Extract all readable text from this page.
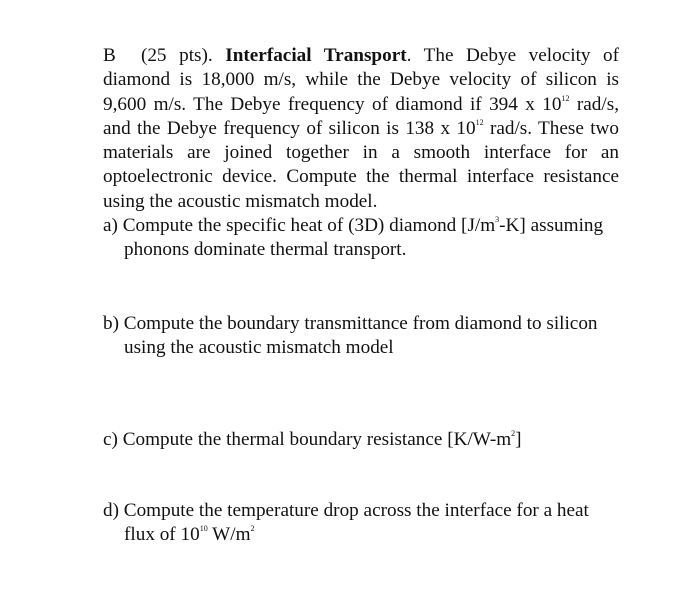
B (25 pts). Interfacial Transport. The Debye velocity of diamond is 18,000 m/s, while the Debye velocity of silicon is 9,600 m/s. The Debye frequency of diamond if 394 x $10^{12}$ rad/s, and the Debye frequency of silicon is 138 x $10^{12}$ rad/s. These two materials are joined together in a smooth interface for an optoelectronic device. Compute the thermal interface resistance using the acoustic mismatch model.

a) Compute the specific heat of (3D) diamond $[J/m^3-K]$ assuming phonons dominate thermal transport.

b) Compute the boundary transmittance from diamond to silicon using the acoustic mismatch model

c) Compute the thermal boundary resistance $[K/W-m^2]$

d) Compute the temperature drop across the interface for a heat flux of $10^{10}$ $W/m^2$
